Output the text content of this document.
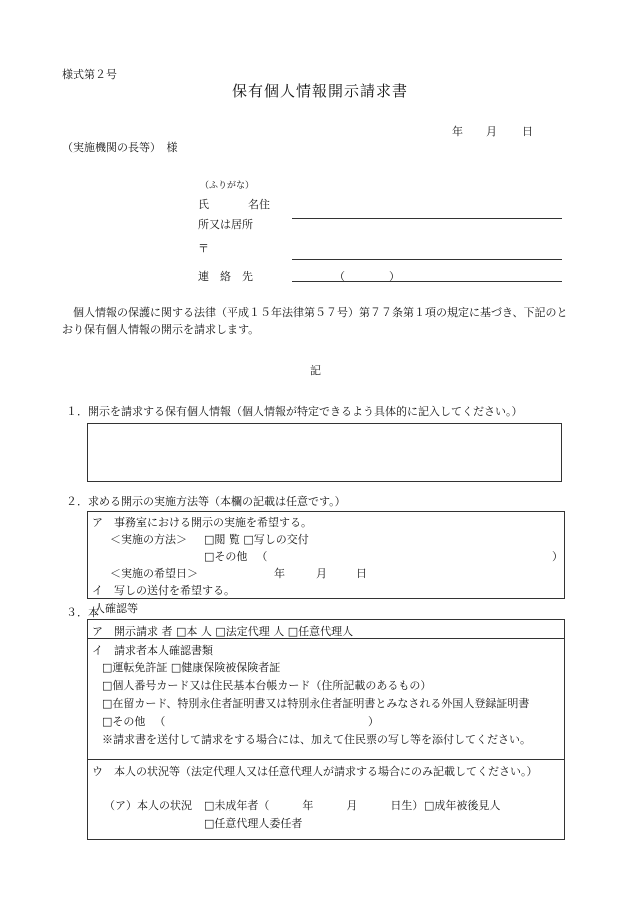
様式第２号
保有個人情報開示請求書
年 月 日
（実施機関の長等）　様
（ふりがな）
氏	名住
所又は居所
〒
連　絡　先	（　　　　）
　個人情報の保護に関する法律（平成１５年法律第５７号）第７７条第１項の規定に基づき、下記のとおり保有個人情報の開示を請求します。
記
１．開示を請求する保有個人情報（個人情報が特定できるよう具体的に記入してください。）
２．求める開示の実施方法等（本欄の記載は任意です。）
ア　事務室における開示の実施を希望する。
＜実施の方法＞ □閲 覧 □写しの交付
□その他 　（	）
＜実施の希望日＞	年	月	日
イ　写しの送付を希望する。
３．本
人確認等
ア　開示請求 者 □本 人 □法定代理 人 □任意代理人
イ　請求者本人確認書類
□運転免許証 □健康保険被保険者証
□個人番号カード又は住民基本台帳カード（住所記載のあるもの）
□在留カード、特別永住者証明書又は特別永住者証明書とみなされる外国人登録証明書
□その他 　（	）
※請求書を送付して請求をする場合には、加えて住民票の写し等を添付してください。
ウ　本人の状況等（法定代理人又は任意代理人が請求する場合にのみ記載してください。）
（ア）本人の状況 □未成年者（　　　年　　　月　　　日生） □成年被後見人
□任意代理人委任者
